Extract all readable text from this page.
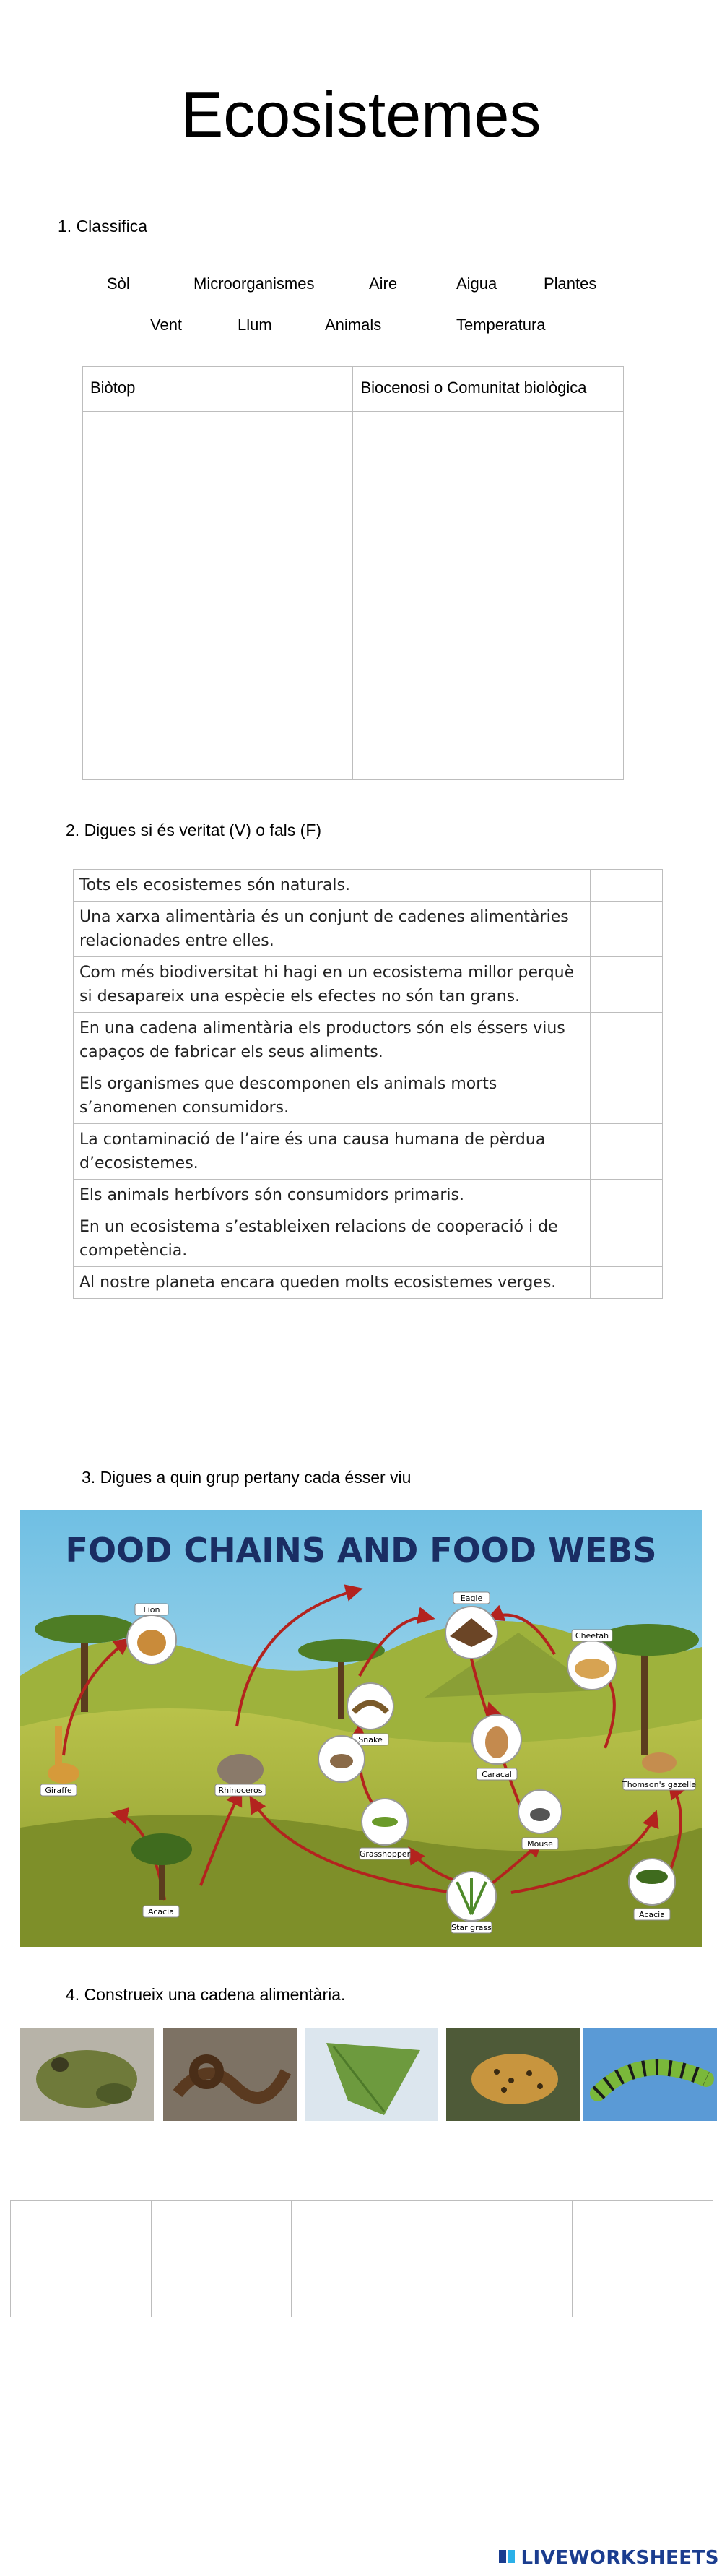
Ecosistemes
1. Classifica
Sòl	Microorganismes	Aire	Aigua	Plantes
Vent	Llum	Animals	Temperatura
Biòtop	Biocenosi o Comunitat biològica

2. Digues si és veritat (V) o fals (F)
Tots els ecosistemes són naturals.	
Una xarxa alimentària és un conjunt de cadenes alimentàries relacionades entre elles.	
Com més biodiversitat hi hagi en un ecosistema millor perquè si desapareix una espècie els efectes no són tan grans.	
En una cadena alimentària els productors són els éssers vius capaços de fabricar els seus aliments.	
Els organismes que descomponen els animals morts s’anomenen consumidors.	
La contaminació de l’aire és una causa humana de pèrdua d’ecosistemes.	
Els animals herbívors són consumidors primaris.	
En un ecosistema s’estableixen relacions de cooperació i de competència.	
Al nostre planeta encara queden molts ecosistemes verges.	
3. Digues a quin grup pertany cada ésser viu
FOOD CHAINS AND FOOD WEBS
Lion
Eagle
Cheetah
Giraffe	Rhinoceros
Snake
Caracal
Thomson's gazelle
Mouse
Grasshopper
Acacia
Star grass
Acacia
4. Construeix una cadena alimentària.

LIVEWORKSHEETS
